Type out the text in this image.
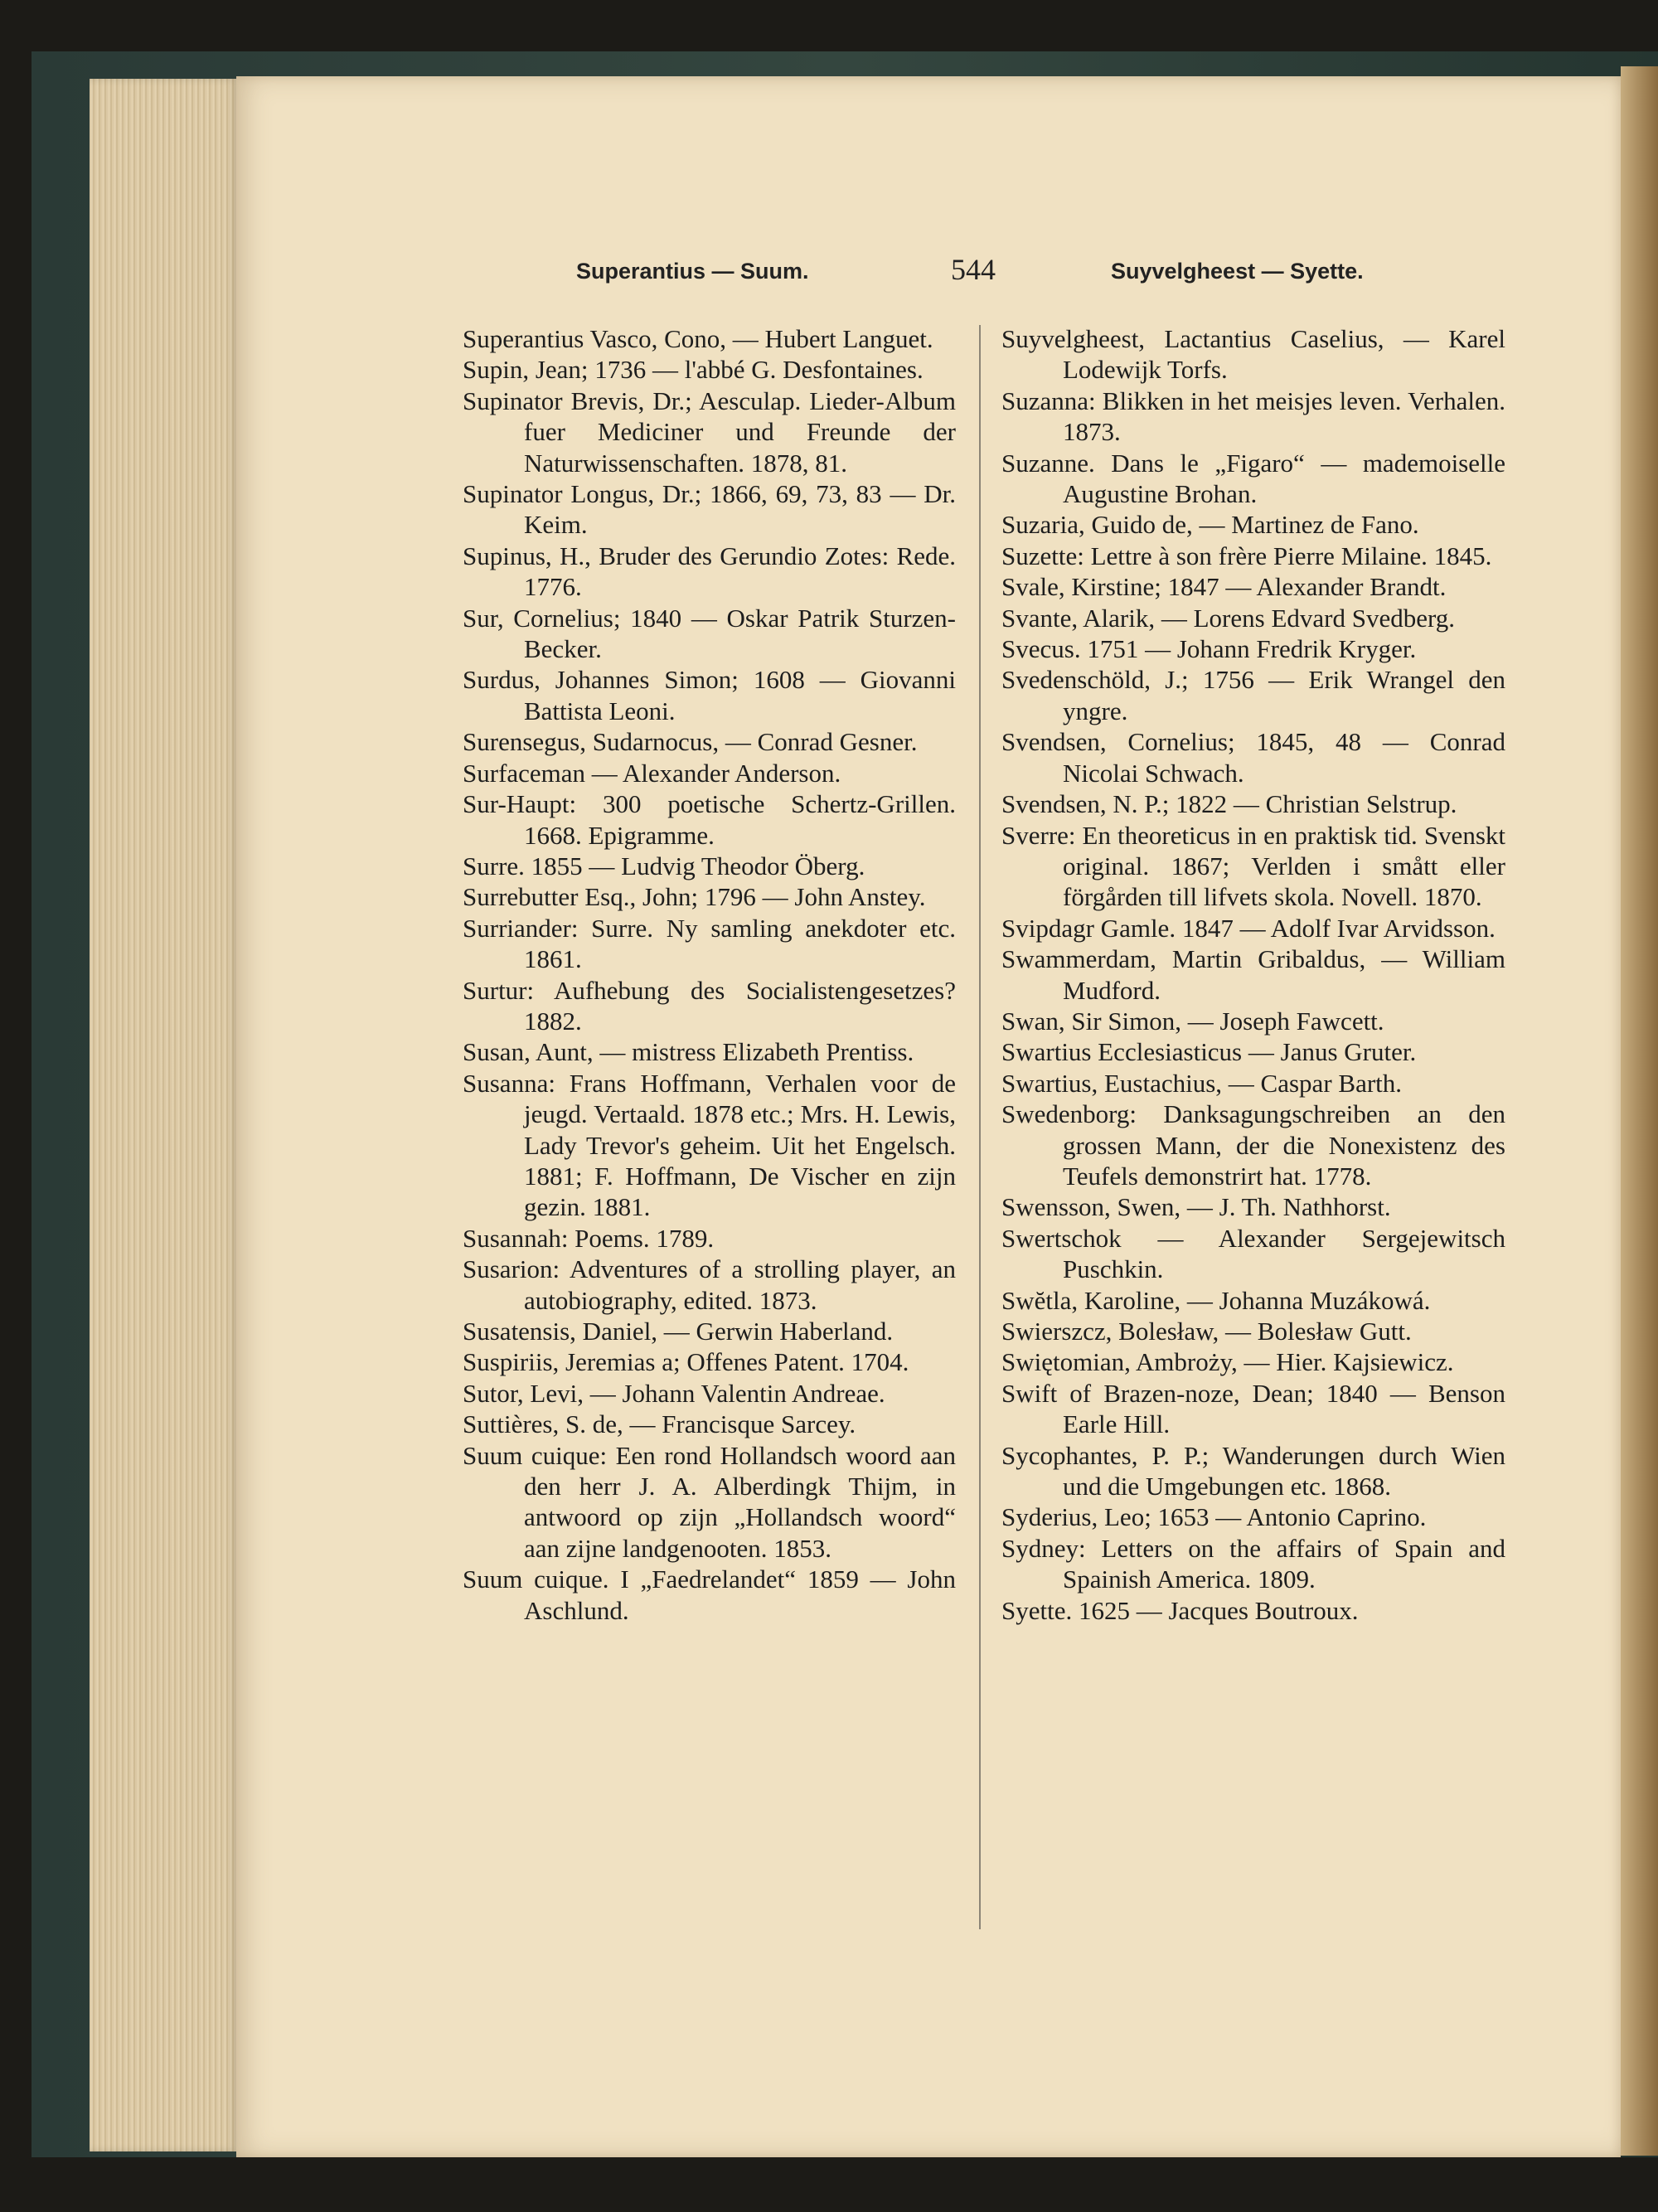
Superantius — Suum.	544	Suyvelgheest — Syette.

Superantius Vasco, Cono, — Hubert Languet.

Supin, Jean; 1736 — l'abbé G. Desfontaines.

Supinator Brevis, Dr.; Aesculap. Lieder-Album fuer Mediciner und Freunde der Naturwissenschaften. 1878, 81.

Supinator Longus, Dr.; 1866, 69, 73, 83 — Dr. Keim.

Supinus, H., Bruder des Gerundio Zotes: Rede. 1776.

Sur, Cornelius; 1840 — Oskar Patrik Sturzen-Becker.

Surdus, Johannes Simon; 1608 — Giovanni Battista Leoni.

Surensegus, Sudarnocus, — Conrad Gesner.

Surfaceman — Alexander Anderson.

Sur-Haupt: 300 poetische Schertz-Grillen. 1668. Epigramme.

Surre. 1855 — Ludvig Theodor Öberg.

Surrebutter Esq., John; 1796 — John Anstey.

Surriander: Surre. Ny samling anekdoter etc. 1861.

Surtur: Aufhebung des Socialistengesetzes? 1882.

Susan, Aunt, — mistress Elizabeth Prentiss.

Susanna: Frans Hoffmann, Verhalen voor de jeugd. Vertaald. 1878 etc.; Mrs. H. Lewis, Lady Trevor's geheim. Uit het Engelsch. 1881; F. Hoffmann, De Vischer en zijn gezin. 1881.

Susannah: Poems. 1789.

Susarion: Adventures of a strolling player, an autobiography, edited. 1873.

Susatensis, Daniel, — Gerwin Haberland.

Suspiriis, Jeremias a; Offenes Patent. 1704.

Sutor, Levi, — Johann Valentin Andreae.

Suttières, S. de, — Francisque Sarcey.

Suum cuique: Een rond Hollandsch woord aan den herr J. A. Alberdingk Thijm, in antwoord op zijn „Hollandsch woord“ aan zijne landgenooten. 1853.

Suum cuique. I „Faedrelandet“ 1859 — John Aschlund.

Suyvelgheest, Lactantius Caselius, — Karel Lodewijk Torfs.

Suzanna: Blikken in het meisjes leven. Verhalen. 1873.

Suzanne. Dans le „Figaro“ — mademoiselle Augustine Brohan.

Suzaria, Guido de, — Martinez de Fano.

Suzette: Lettre à son frère Pierre Milaine. 1845.

Svale, Kirstine; 1847 — Alexander Brandt.

Svante, Alarik, — Lorens Edvard Svedberg.

Svecus. 1751 — Johann Fredrik Kryger.

Svedenschöld, J.; 1756 — Erik Wrangel den yngre.

Svendsen, Cornelius; 1845, 48 — Conrad Nicolai Schwach.

Svendsen, N. P.; 1822 — Christian Selstrup.

Sverre: En theoreticus in en praktisk tid. Svenskt original. 1867; Verlden i smått eller förgården till lifvets skola. Novell. 1870.

Svipdagr Gamle. 1847 — Adolf Ivar Arvidsson.

Swammerdam, Martin Gribaldus, — William Mudford.

Swan, Sir Simon, — Joseph Fawcett.

Swartius Ecclesiasticus — Janus Gruter.

Swartius, Eustachius, — Caspar Barth.

Swedenborg: Danksagungschreiben an den grossen Mann, der die Nonexistenz des Teufels demonstrirt hat. 1778.

Swensson, Swen, — J. Th. Nathhorst.

Swertschok — Alexander Sergejewitsch Puschkin.

Swĕtla, Karoline, — Johanna Muzákowá.

Swierszcz, Bolesław, — Bolesław Gutt.

Swiętomian, Ambroży, — Hier. Kajsiewicz.

Swift of Brazen-noze, Dean; 1840 — Benson Earle Hill.

Sycophantes, P. P.; Wanderungen durch Wien und die Umgebungen etc. 1868.

Syderius, Leo; 1653 — Antonio Caprino.

Sydney: Letters on the affairs of Spain and Spainish America. 1809.

Syette. 1625 — Jacques Boutroux.
